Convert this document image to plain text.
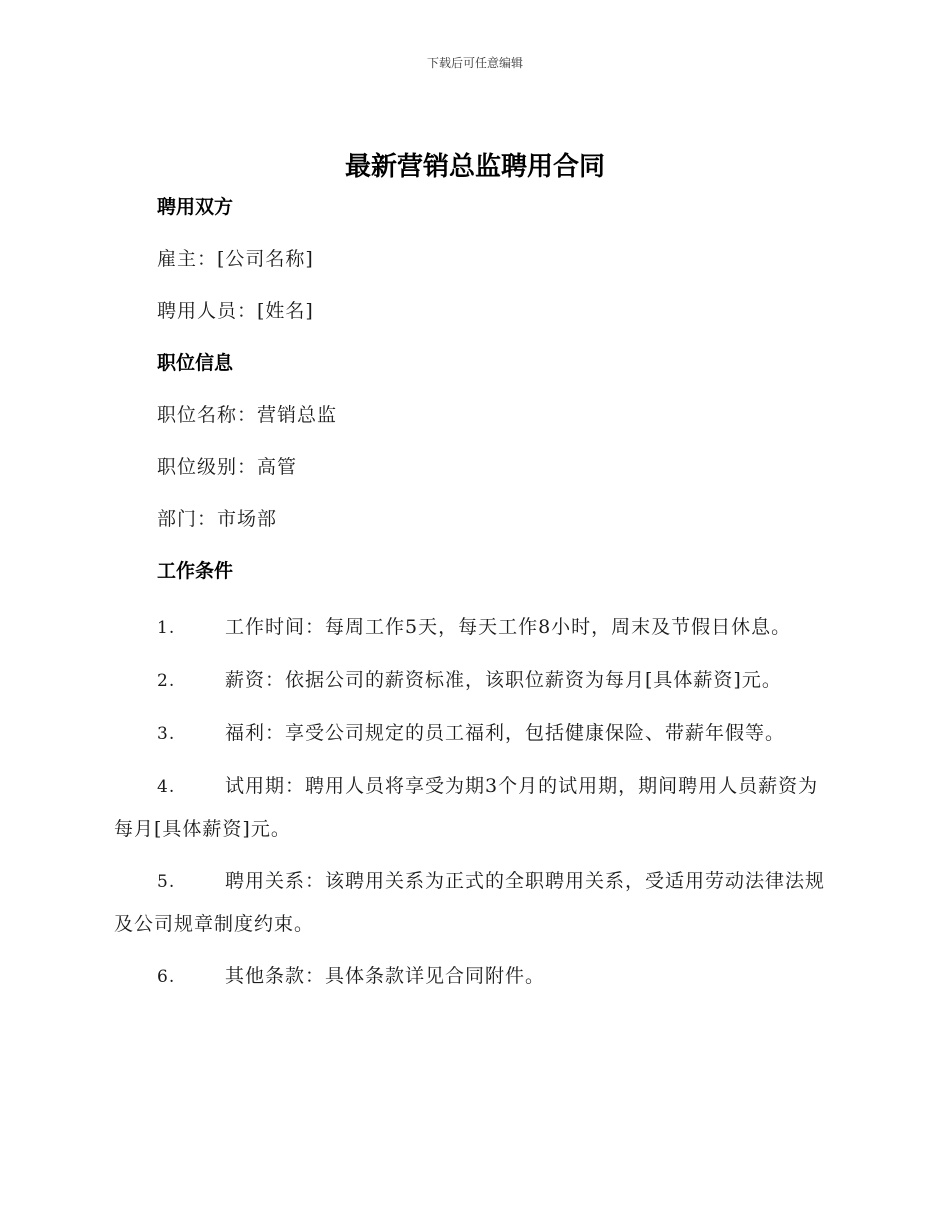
下载后可任意编辑
最新营销总监聘用合同
聘用双方
雇主：[公司名称]
聘用人员：[姓名]
职位信息
职位名称：营销总监
职位级别：高管
部门：市场部
工作条件
1.	工作时间：每周工作5天，每天工作8小时，周末及节假日休息。
2.	薪资：依据公司的薪资标准，该职位薪资为每月[具体薪资]元。
3.	福利：享受公司规定的员工福利，包括健康保险、带薪年假等。
4.	试用期：聘用人员将享受为期3个月的试用期，期间聘用人员薪资为每月[具体薪资]元。
5.	聘用关系：该聘用关系为正式的全职聘用关系，受适用劳动法律法规及公司规章制度约束。
6.	其他条款：具体条款详见合同附件。
